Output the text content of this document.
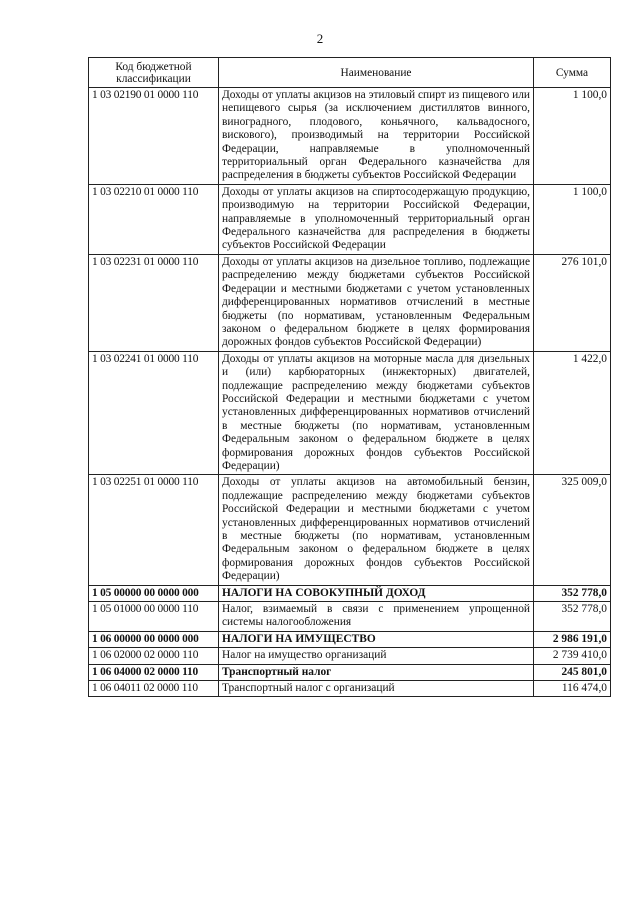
2
Код бюджетной классификации	Наименование	Сумма
1 03 02190 01 0000 110	Доходы от уплаты акцизов на этиловый спирт из пищевого или непищевого сырья (за исключением дистиллятов винного, виноградного, плодового, коньячного, кальвадосного, вискового), производимый на территории Российской Федерации, направляемые в уполномоченный территориальный орган Федерального казначейства для распределения в бюджеты субъектов Российской Федерации	1 100,0
1 03 02210 01 0000 110	Доходы от уплаты акцизов на спиртосодержащую продукцию, производимую на территории Российской Федерации, направляемые в уполномоченный территориальный орган Федерального казначейства для распределения в бюджеты субъектов Российской Федерации	1 100,0
1 03 02231 01 0000 110	Доходы от уплаты акцизов на дизельное топливо, подлежащие распределению между бюджетами субъектов Российской Федерации и местными бюджетами с учетом установленных дифференцированных нормативов отчислений в местные бюджеты (по нормативам, установленным Федеральным законом о федеральном бюджете в целях формирования дорожных фондов субъектов Российской Федерации)	276 101,0
1 03 02241 01 0000 110	Доходы от уплаты акцизов на моторные масла для дизельных и (или) карбюраторных (инжекторных) двигателей, подлежащие распределению между бюджетами субъектов Российской Федерации и местными бюджетами с учетом установленных дифференцированных нормативов отчислений в местные бюджеты (по нормативам, установленным Федеральным законом о федеральном бюджете в целях формирования дорожных фондов субъектов Российской Федерации)	1 422,0
1 03 02251 01 0000 110	Доходы от уплаты акцизов на автомобильный бензин, подлежащие распределению между бюджетами субъектов Российской Федерации и местными бюджетами с учетом установленных дифференцированных нормативов отчислений в местные бюджеты (по нормативам, установленным Федеральным законом о федеральном бюджете в целях формирования дорожных фондов субъектов Российской Федерации)	325 009,0
1 05 00000 00 0000 000	НАЛОГИ НА СОВОКУПНЫЙ ДОХОД	352 778,0
1 05 01000 00 0000 110	Налог, взимаемый в связи с применением упрощенной системы налогообложения	352 778,0
1 06 00000 00 0000 000	НАЛОГИ НА ИМУЩЕСТВО	2 986 191,0
1 06 02000 02 0000 110	Налог на имущество организаций	2 739 410,0
1 06 04000 02 0000 110	Транспортный налог	245 801,0
1 06 04011 02 0000 110	Транспортный налог с организаций	116 474,0
